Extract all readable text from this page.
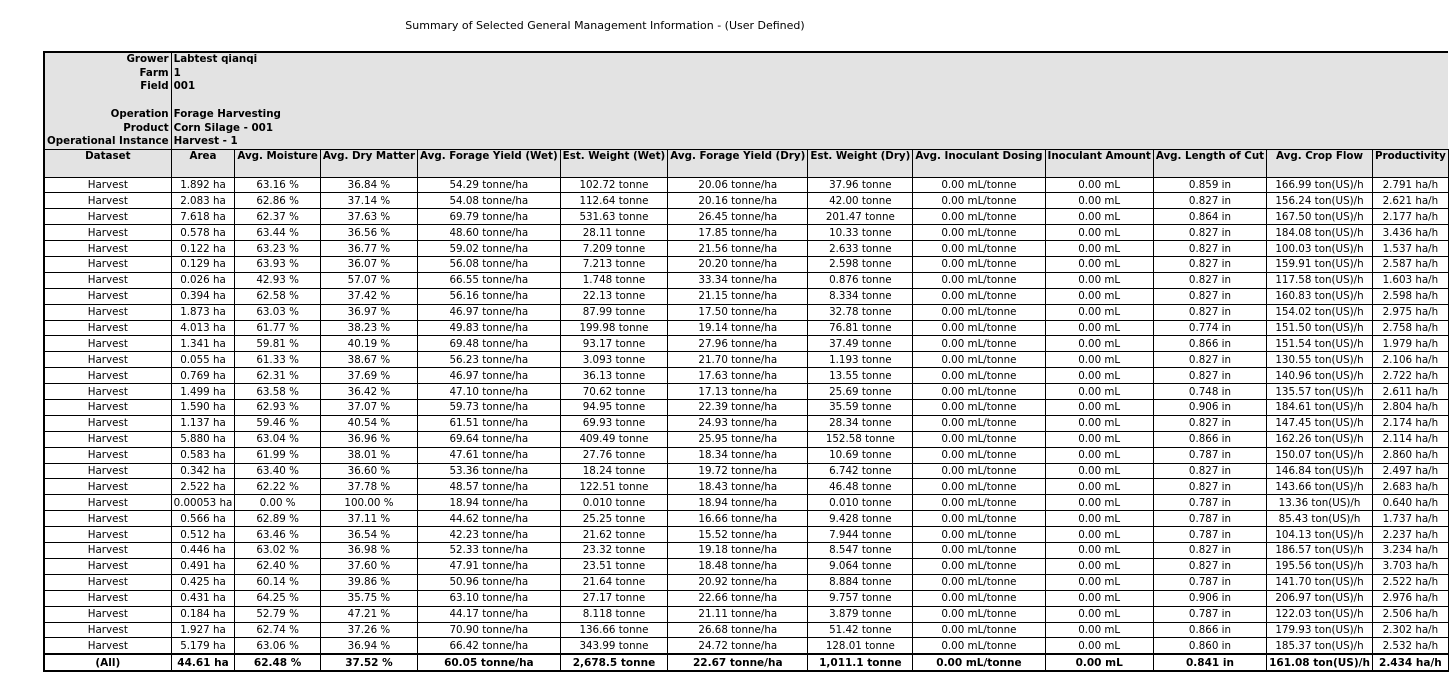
Summary of Selected General Management Information - (User Defined)
Grower	Labtest qianqi											
Farm	1											
Field	001											

Operation	Forage Harvesting											
Product	Corn Silage - 001											
Operational Instance	Harvest - 1											
Dataset	Area	Avg. Moisture	Avg. Dry Matter	Avg. Forage Yield (Wet)	Est. Weight (Wet)	Avg. Forage Yield (Dry)	Est. Weight (Dry)	Avg. Inoculant Dosing	Inoculant Amount	Avg. Length of Cut	Avg. Crop Flow	Productivity
Harvest	1.892 ha	63.16 %	36.84 %	54.29 tonne/ha	102.72 tonne	20.06 tonne/ha	37.96 tonne	0.00 mL/tonne	0.00 mL	0.859 in	166.99 ton(US)/h	2.791 ha/h
Harvest	2.083 ha	62.86 %	37.14 %	54.08 tonne/ha	112.64 tonne	20.16 tonne/ha	42.00 tonne	0.00 mL/tonne	0.00 mL	0.827 in	156.24 ton(US)/h	2.621 ha/h
Harvest	7.618 ha	62.37 %	37.63 %	69.79 tonne/ha	531.63 tonne	26.45 tonne/ha	201.47 tonne	0.00 mL/tonne	0.00 mL	0.864 in	167.50 ton(US)/h	2.177 ha/h
Harvest	0.578 ha	63.44 %	36.56 %	48.60 tonne/ha	28.11 tonne	17.85 tonne/ha	10.33 tonne	0.00 mL/tonne	0.00 mL	0.827 in	184.08 ton(US)/h	3.436 ha/h
Harvest	0.122 ha	63.23 %	36.77 %	59.02 tonne/ha	7.209 tonne	21.56 tonne/ha	2.633 tonne	0.00 mL/tonne	0.00 mL	0.827 in	100.03 ton(US)/h	1.537 ha/h
Harvest	0.129 ha	63.93 %	36.07 %	56.08 tonne/ha	7.213 tonne	20.20 tonne/ha	2.598 tonne	0.00 mL/tonne	0.00 mL	0.827 in	159.91 ton(US)/h	2.587 ha/h
Harvest	0.026 ha	42.93 %	57.07 %	66.55 tonne/ha	1.748 tonne	33.34 tonne/ha	0.876 tonne	0.00 mL/tonne	0.00 mL	0.827 in	117.58 ton(US)/h	1.603 ha/h
Harvest	0.394 ha	62.58 %	37.42 %	56.16 tonne/ha	22.13 tonne	21.15 tonne/ha	8.334 tonne	0.00 mL/tonne	0.00 mL	0.827 in	160.83 ton(US)/h	2.598 ha/h
Harvest	1.873 ha	63.03 %	36.97 %	46.97 tonne/ha	87.99 tonne	17.50 tonne/ha	32.78 tonne	0.00 mL/tonne	0.00 mL	0.827 in	154.02 ton(US)/h	2.975 ha/h
Harvest	4.013 ha	61.77 %	38.23 %	49.83 tonne/ha	199.98 tonne	19.14 tonne/ha	76.81 tonne	0.00 mL/tonne	0.00 mL	0.774 in	151.50 ton(US)/h	2.758 ha/h
Harvest	1.341 ha	59.81 %	40.19 %	69.48 tonne/ha	93.17 tonne	27.96 tonne/ha	37.49 tonne	0.00 mL/tonne	0.00 mL	0.866 in	151.54 ton(US)/h	1.979 ha/h
Harvest	0.055 ha	61.33 %	38.67 %	56.23 tonne/ha	3.093 tonne	21.70 tonne/ha	1.193 tonne	0.00 mL/tonne	0.00 mL	0.827 in	130.55 ton(US)/h	2.106 ha/h
Harvest	0.769 ha	62.31 %	37.69 %	46.97 tonne/ha	36.13 tonne	17.63 tonne/ha	13.55 tonne	0.00 mL/tonne	0.00 mL	0.827 in	140.96 ton(US)/h	2.722 ha/h
Harvest	1.499 ha	63.58 %	36.42 %	47.10 tonne/ha	70.62 tonne	17.13 tonne/ha	25.69 tonne	0.00 mL/tonne	0.00 mL	0.748 in	135.57 ton(US)/h	2.611 ha/h
Harvest	1.590 ha	62.93 %	37.07 %	59.73 tonne/ha	94.95 tonne	22.39 tonne/ha	35.59 tonne	0.00 mL/tonne	0.00 mL	0.906 in	184.61 ton(US)/h	2.804 ha/h
Harvest	1.137 ha	59.46 %	40.54 %	61.51 tonne/ha	69.93 tonne	24.93 tonne/ha	28.34 tonne	0.00 mL/tonne	0.00 mL	0.827 in	147.45 ton(US)/h	2.174 ha/h
Harvest	5.880 ha	63.04 %	36.96 %	69.64 tonne/ha	409.49 tonne	25.95 tonne/ha	152.58 tonne	0.00 mL/tonne	0.00 mL	0.866 in	162.26 ton(US)/h	2.114 ha/h
Harvest	0.583 ha	61.99 %	38.01 %	47.61 tonne/ha	27.76 tonne	18.34 tonne/ha	10.69 tonne	0.00 mL/tonne	0.00 mL	0.787 in	150.07 ton(US)/h	2.860 ha/h
Harvest	0.342 ha	63.40 %	36.60 %	53.36 tonne/ha	18.24 tonne	19.72 tonne/ha	6.742 tonne	0.00 mL/tonne	0.00 mL	0.827 in	146.84 ton(US)/h	2.497 ha/h
Harvest	2.522 ha	62.22 %	37.78 %	48.57 tonne/ha	122.51 tonne	18.43 tonne/ha	46.48 tonne	0.00 mL/tonne	0.00 mL	0.827 in	143.66 ton(US)/h	2.683 ha/h
Harvest	0.00053 ha	0.00 %	100.00 %	18.94 tonne/ha	0.010 tonne	18.94 tonne/ha	0.010 tonne	0.00 mL/tonne	0.00 mL	0.787 in	13.36 ton(US)/h	0.640 ha/h
Harvest	0.566 ha	62.89 %	37.11 %	44.62 tonne/ha	25.25 tonne	16.66 tonne/ha	9.428 tonne	0.00 mL/tonne	0.00 mL	0.787 in	85.43 ton(US)/h	1.737 ha/h
Harvest	0.512 ha	63.46 %	36.54 %	42.23 tonne/ha	21.62 tonne	15.52 tonne/ha	7.944 tonne	0.00 mL/tonne	0.00 mL	0.787 in	104.13 ton(US)/h	2.237 ha/h
Harvest	0.446 ha	63.02 %	36.98 %	52.33 tonne/ha	23.32 tonne	19.18 tonne/ha	8.547 tonne	0.00 mL/tonne	0.00 mL	0.827 in	186.57 ton(US)/h	3.234 ha/h
Harvest	0.491 ha	62.40 %	37.60 %	47.91 tonne/ha	23.51 tonne	18.48 tonne/ha	9.064 tonne	0.00 mL/tonne	0.00 mL	0.827 in	195.56 ton(US)/h	3.703 ha/h
Harvest	0.425 ha	60.14 %	39.86 %	50.96 tonne/ha	21.64 tonne	20.92 tonne/ha	8.884 tonne	0.00 mL/tonne	0.00 mL	0.787 in	141.70 ton(US)/h	2.522 ha/h
Harvest	0.431 ha	64.25 %	35.75 %	63.10 tonne/ha	27.17 tonne	22.66 tonne/ha	9.757 tonne	0.00 mL/tonne	0.00 mL	0.906 in	206.97 ton(US)/h	2.976 ha/h
Harvest	0.184 ha	52.79 %	47.21 %	44.17 tonne/ha	8.118 tonne	21.11 tonne/ha	3.879 tonne	0.00 mL/tonne	0.00 mL	0.787 in	122.03 ton(US)/h	2.506 ha/h
Harvest	1.927 ha	62.74 %	37.26 %	70.90 tonne/ha	136.66 tonne	26.68 tonne/ha	51.42 tonne	0.00 mL/tonne	0.00 mL	0.866 in	179.93 ton(US)/h	2.302 ha/h
Harvest	5.179 ha	63.06 %	36.94 %	66.42 tonne/ha	343.99 tonne	24.72 tonne/ha	128.01 tonne	0.00 mL/tonne	0.00 mL	0.860 in	185.37 ton(US)/h	2.532 ha/h
(All)	44.61 ha	62.48 %	37.52 %	60.05 tonne/ha	2,678.5 tonne	22.67 tonne/ha	1,011.1 tonne	0.00 mL/tonne	0.00 mL	0.841 in	161.08 ton(US)/h	2.434 ha/h
